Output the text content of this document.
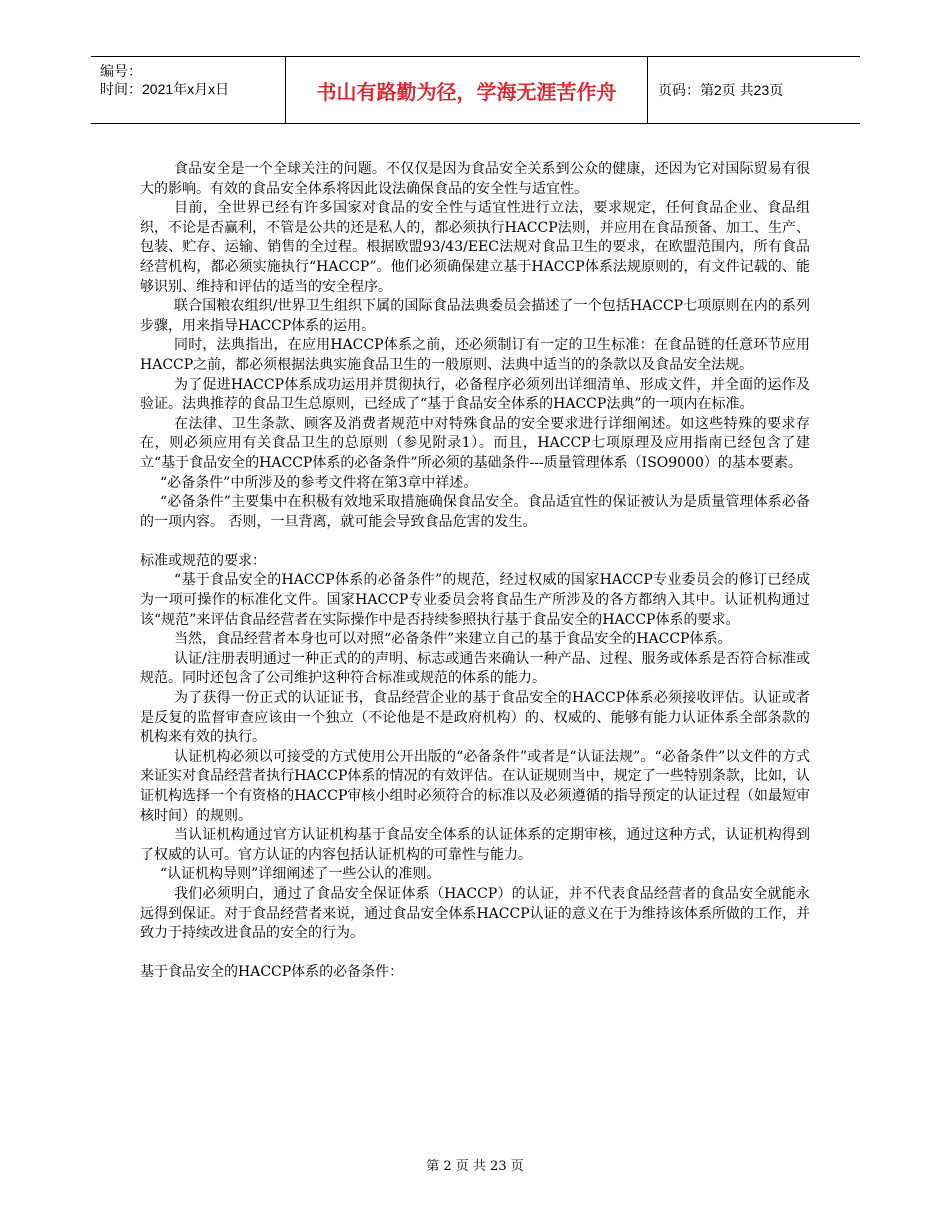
编号：
时间：2021年x月x日	书山有路勤为径，学海无涯苦作舟	页码：第2页 共23页

食品安全是一个全球关注的问题。不仅仅是因为食品安全关系到公众的健康，还因为它对国际贸易有很大的影响。有效的食品安全体系将因此设法确保食品的安全性与适宜性。

目前，全世界已经有许多国家对食品的安全性与适宜性进行立法，要求规定，任何食品企业、食品组织，不论是否赢利，不管是公共的还是私人的，都必须执行HACCP法则，并应用在食品预备、加工、生产、包装、贮存、运输、销售的全过程。根据欧盟93/43/EEC法规对食品卫生的要求，在欧盟范围内，所有食品经营机构，都必须实施执行“HACCP”。他们必须确保建立基于HACCP体系法规原则的，有文件记载的、能够识别、维持和评估的适当的安全程序。

联合国粮农组织/世界卫生组织下属的国际食品法典委员会描述了一个包括HACCP七项原则在内的系列步骤，用来指导HACCP体系的运用。

同时，法典指出，在应用HACCP体系之前，还必须制订有一定的卫生标准：在食品链的任意环节应用HACCP之前，都必须根据法典实施食品卫生的一般原则、法典中适当的的条款以及食品安全法规。

为了促进HACCP体系成功运用并贯彻执行，必备程序必须列出详细清单、形成文件，并全面的运作及验证。法典推荐的食品卫生总原则，已经成了“基于食品安全体系的HACCP法典”的一项内在标准。

在法律、卫生条款、顾客及消费者规范中对特殊食品的安全要求进行详细阐述。如这些特殊的要求存在，则必须应用有关食品卫生的总原则（参见附录1）。而且，HACCP七项原理及应用指南已经包含了建立“基于食品安全的HACCP体系的必备条件”所必须的基础条件---质量管理体系（ISO9000）的基本要素。

“必备条件”中所涉及的参考文件将在第3章中祥述。

“必备条件”主要集中在积极有效地采取措施确保食品安全。食品适宜性的保证被认为是质量管理体系必备的一项内容。 否则，一旦背离，就可能会导致食品危害的发生。

标准或规范的要求：

“基于食品安全的HACCP体系的必备条件”的规范，经过权威的国家HACCP专业委员会的修订已经成为一项可操作的标准化文件。国家HACCP专业委员会将食品生产所涉及的各方都纳入其中。认证机构通过该“规范”来评估食品经营者在实际操作中是否持续参照执行基于食品安全的HACCP体系的要求。

当然，食品经营者本身也可以对照“必备条件”来建立自己的基于食品安全的HACCP体系。

认证/注册表明通过一种正式的的声明、标志或通告来确认一种产品、过程、服务或体系是否符合标准或规范。同时还包含了公司维护这种符合标准或规范的体系的能力。

为了获得一份正式的认证证书，食品经营企业的基于食品安全的HACCP体系必须接收评估。认证或者是反复的监督审查应该由一个独立（不论他是不是政府机构）的、权威的、能够有能力认证体系全部条款的机构来有效的执行。

认证机构必须以可接受的方式使用公开出版的“必备条件”或者是“认证法规”。“必备条件”以文件的方式来证实对食品经营者执行HACCP体系的情况的有效评估。在认证规则当中，规定了一些特别条款，比如，认证机构选择一个有资格的HACCP审核小组时必须符合的标准以及必须遵循的指导预定的认证过程（如最短审核时间）的规则。

当认证机构通过官方认证机构基于食品安全体系的认证体系的定期审核，通过这种方式，认证机构得到了权威的认可。官方认证的内容包括认证机构的可靠性与能力。

“认证机构导则”详细阐述了一些公认的准则。

我们必须明白，通过了食品安全保证体系（HACCP）的认证，并不代表食品经营者的食品安全就能永远得到保证。对于食品经营者来说，通过食品安全体系HACCP认证的意义在于为维持该体系所做的工作，并致力于持续改进食品的安全的行为。

基于食品安全的HACCP体系的必备条件：

第 2 页 共 23 页
